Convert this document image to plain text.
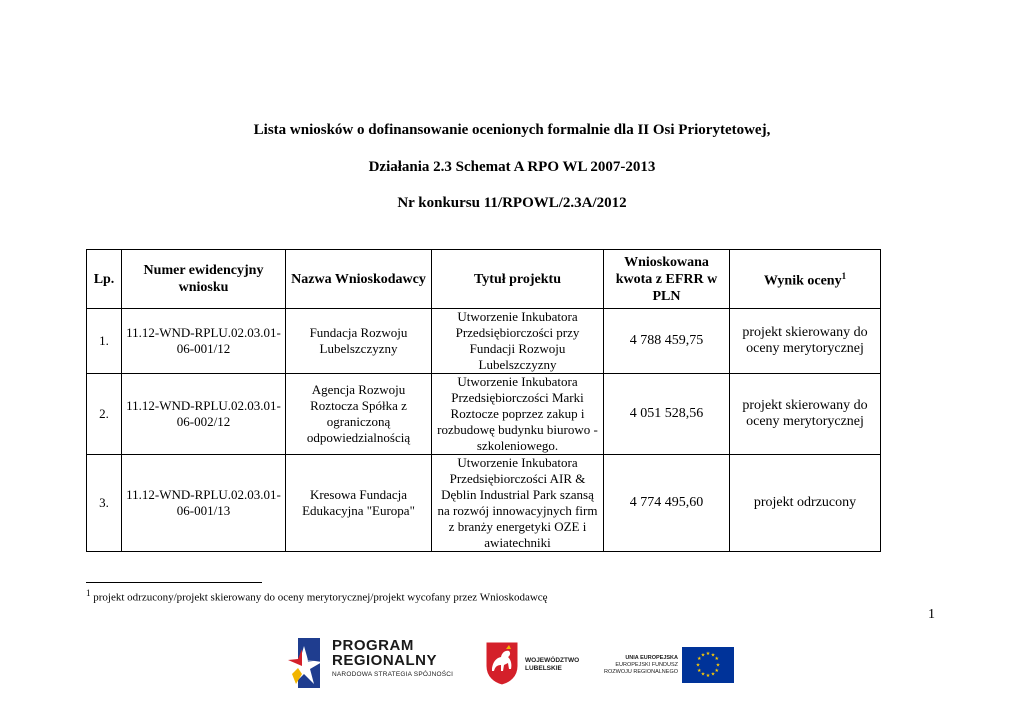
Lista wniosków o dofinansowanie ocenionych formalnie dla II Osi Priorytetowej,
Działania 2.3 Schemat A RPO WL 2007-2013
Nr konkursu 11/RPOWL/2.3A/2012
Lp.	Numer ewidencyjny wniosku	Nazwa Wnioskodawcy	Tytuł projektu	Wnioskowana kwota z EFRR w PLN	Wynik oceny$^1$
1.	11.12-WND-RPLU.02.03.01-06-001/12	Fundacja Rozwoju Lubelszczyzny	Utworzenie Inkubatora Przedsiębiorczości przy Fundacji Rozwoju Lubelszczyzny	4 788 459,75	projekt skierowany do oceny merytorycznej
2.	11.12-WND-RPLU.02.03.01-06-002/12	Agencja Rozwoju Roztocza Spółka z ograniczoną odpowiedzialnością	Utworzenie Inkubatora Przedsiębiorczości Marki Roztocze poprzez zakup i rozbudowę budynku biurowo - szkoleniowego.	4 051 528,56	projekt skierowany do oceny merytorycznej
3.	11.12-WND-RPLU.02.03.01-06-001/13	Kresowa Fundacja Edukacyjna "Europa"	Utworzenie Inkubatora Przedsiębiorczości AIR & Dęblin Industrial Park szansą na rozwój innowacyjnych firm z branży energetyki OZE i awiatechniki	4 774 495,60	projekt odrzucony
$^1$ projekt odrzucony/projekt skierowany do oceny merytorycznej/projekt wycofany przez Wnioskodawcę
1
PROGRAM
REGIONALNY
NARODOWA STRATEGIA SPÓJNOŚCI
WOJEWÓDZTWO
LUBELSKIE
UNIA EUROPEJSKA
EUROPEJSKI FUNDUSZ
ROZWOJU REGIONALNEGO
★ ★
★
★
★
★
★
★
★
★
★
★
